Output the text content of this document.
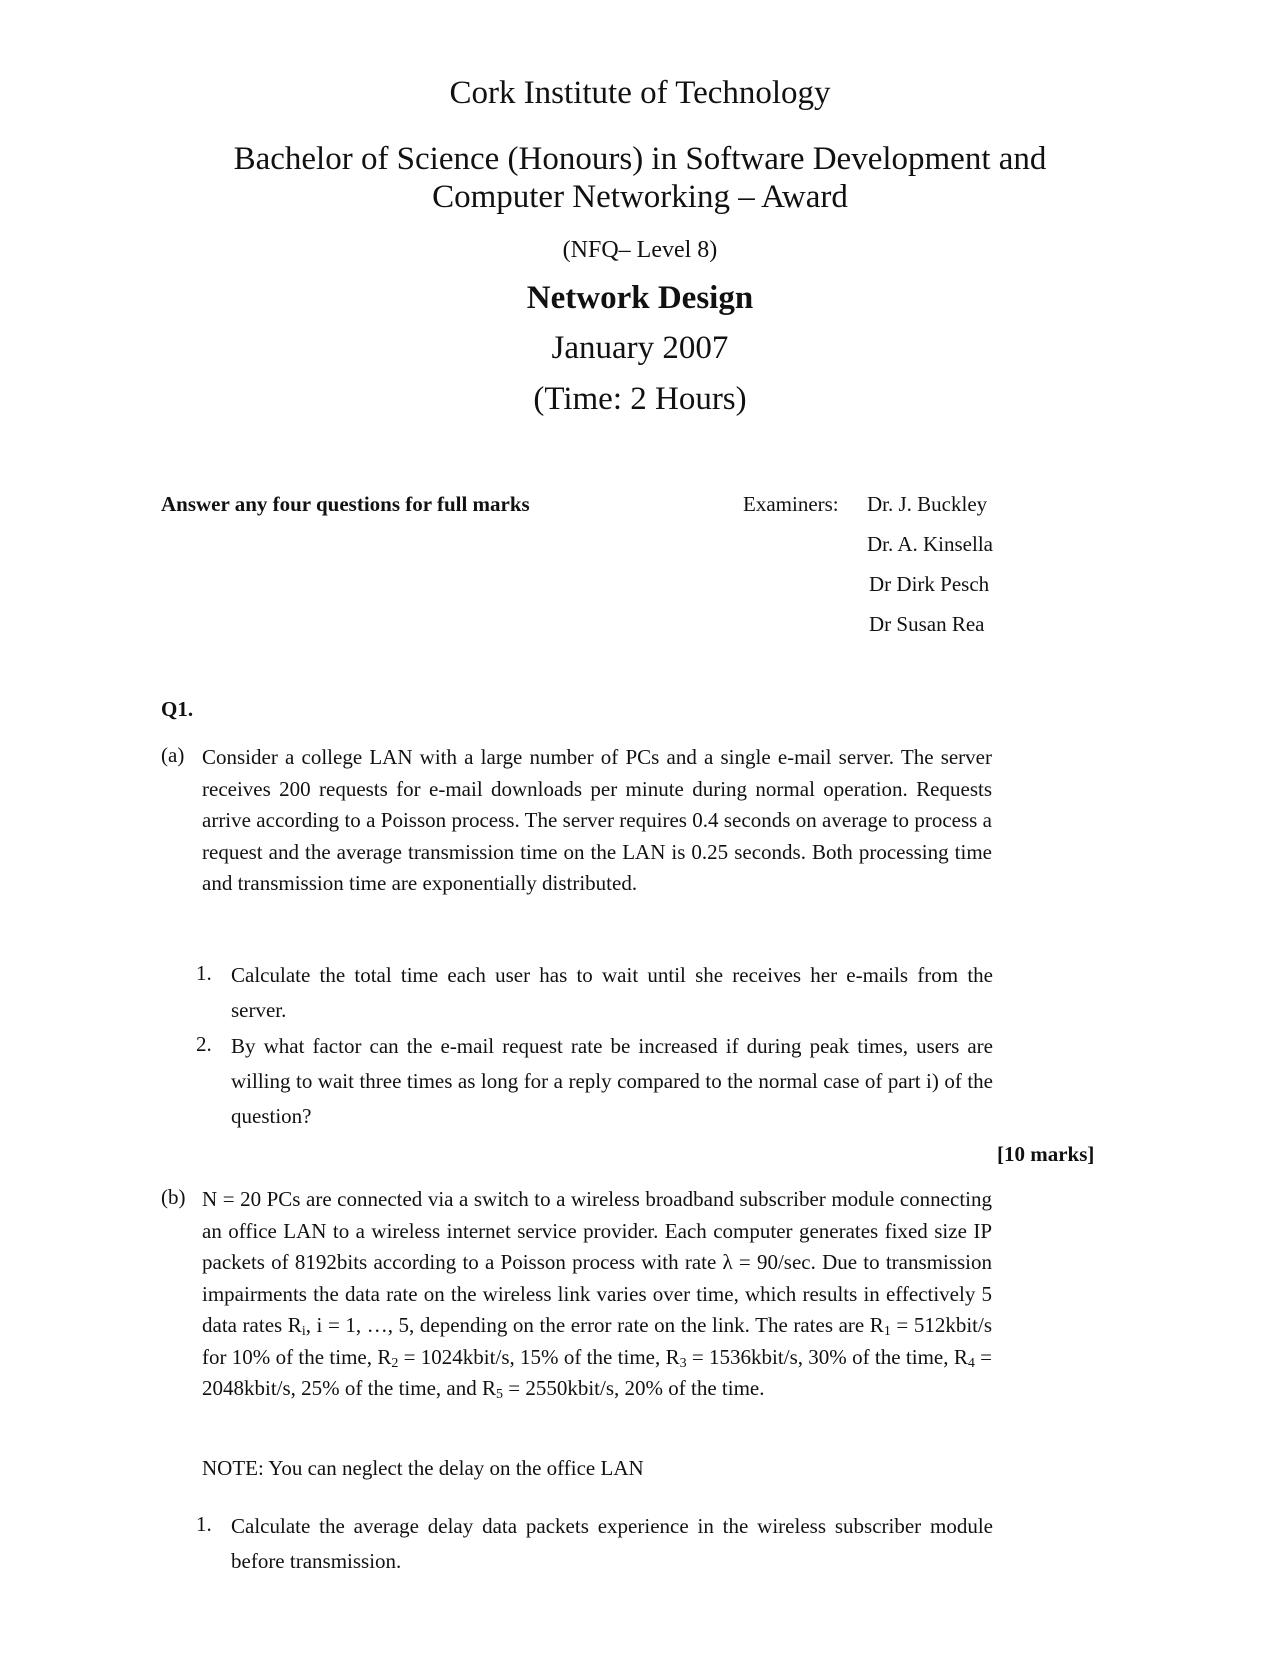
Cork Institute of Technology
Bachelor of Science (Honours) in Software Development and
Computer Networking – Award
(NFQ– Level 8)
Network Design
January 2007
(Time: 2 Hours)
Answer any four questions for full marks	Examiners: Dr. J. Buckley
Dr. A. Kinsella
Dr Dirk Pesch
Dr Susan Rea
Q1.
(a) Consider a college LAN with a large number of PCs and a single e-mail server. The server receives 200 requests for e-mail downloads per minute during normal operation. Requests arrive according to a Poisson process. The server requires 0.4 seconds on average to process a request and the average transmission time on the LAN is 0.25 seconds. Both processing time and transmission time are exponentially distributed.
1. Calculate the total time each user has to wait until she receives her e-mails from the server.
2. By what factor can the e-mail request rate be increased if during peak times, users are willing to wait three times as long for a reply compared to the normal case of part i) of the question?
[10 marks]
(b) N = 20 PCs are connected via a switch to a wireless broadband subscriber module connecting an office LAN to a wireless internet service provider. Each computer generates fixed size IP packets of 8192bits according to a Poisson process with rate λ = 90/sec. Due to transmission impairments the data rate on the wireless link varies over time, which results in effectively 5 data rates $R_i$, i = 1, …, 5, depending on the error rate on the link. The rates are $R_1$ = 512kbit/s for 10% of the time, $R_2$ = 1024kbit/s, 15% of the time, $R_3$ = 1536kbit/s, 30% of the time, $R_4$ = 2048kbit/s, 25% of the time, and $R_5$ = 2550kbit/s, 20% of the time.
NOTE: You can neglect the delay on the office LAN
1. Calculate the average delay data packets experience in the wireless subscriber module before transmission.
